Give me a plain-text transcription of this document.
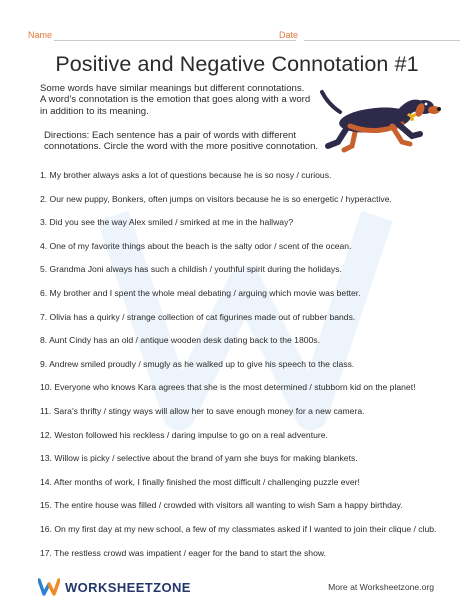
Name	Date
Positive and Negative Connotation #1
Some words have similar meanings but different connotations.
A word’s connotation is the emotion that goes along with a word
in addition to its meaning.
Directions: Each sentence has a pair of words with different
connotations. Circle the word with the more positive connotation.
1. My brother always asks a lot of questions because he is so nosy / curious.
2. Our new puppy, Bonkers, often jumps on visitors because he is so energetic / hyperactive.
3. Did you see the way Alex smiled / smirked at me in the hallway?
4. One of my favorite things about the beach is the salty odor / scent of the ocean.
5. Grandma Joni always has such a childish / youthful spirit during the holidays.
6. My brother and I spent the whole meal debating / arguing which movie was better.
7. Olivia has a quirky / strange collection of cat figurines made out of rubber bands.
8. Aunt Cindy has an old / antique wooden desk dating back to the 1800s.
9. Andrew smiled proudly / smugly as he walked up to give his speech to the class.
10. Everyone who knows Kara agrees that she is the most determined / stubborn kid on the planet!
11. Sara’s thrifty / stingy ways will allow her to save enough money for a new camera.
12. Weston followed his reckless / daring impulse to go on a real adventure.
13. Willow is picky / selective about the brand of yarn she buys for making blankets.
14. After months of work, I finally finished the most difficult / challenging puzzle ever!
15. The entire house was filled / crowded with visitors all wanting to wish Sam a happy birthday.
16. On my first day at my new school, a few of my classmates asked if I wanted to join their clique / club.
17. The restless crowd was impatient / eager for the band to start the show.
WORKSHEETZONE	More at Worksheetzone.org
